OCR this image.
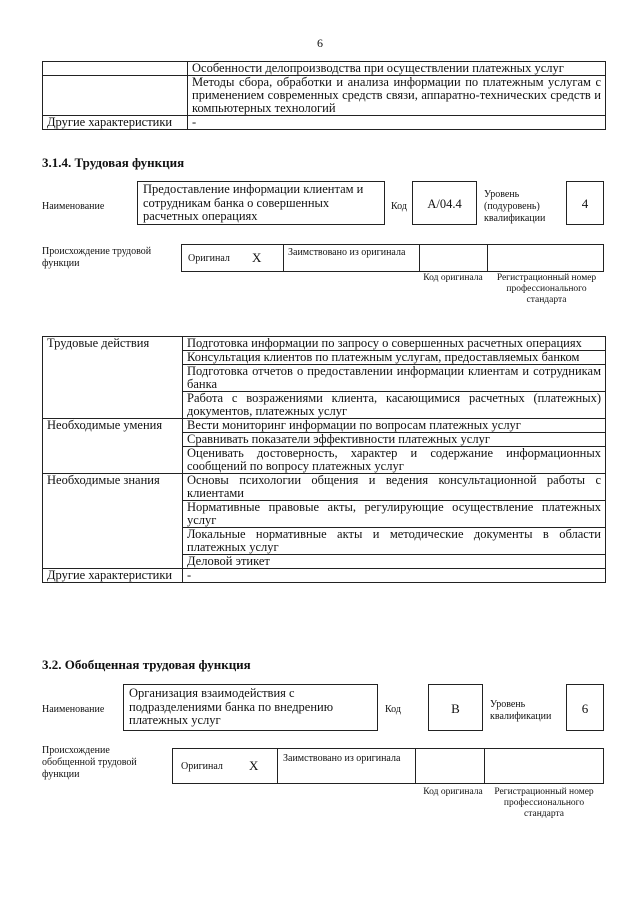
6
	Особенности делопроизводства при осуществлении платежных услуг
	Методы сбора, обработки и анализа информации по платежным услугам с применением современных средств связи, аппаратно-технических средств и компьютерных технологий
Другие характеристики	-
3.1.4. Трудовая функция
Наименование
Предоставление информации клиентам и сотрудникам банка о совершенных расчетных операциях
Код	А/04.4
Уровень (подуровень) квалификации
4
Происхождение трудовой функции	Оригинал X	Заимствовано из оригинала
Код оригинала	Регистрационный номер профессионального стандарта
Трудовые действия	Подготовка информации по запросу о совершенных расчетных операциях
	Консультация клиентов по платежным услугам, предоставляемых банком
	Подготовка отчетов о предоставлении информации клиентам и сотрудникам банка
	Работа с возражениями клиента, касающимися расчетных (платежных) документов, платежных услуг
Необходимые умения	Вести мониторинг информации по вопросам платежных услуг
	Сравнивать показатели эффективности платежных услуг
	Оценивать достоверность, характер и содержание информационных сообщений по вопросу платежных услуг
Необходимые знания	Основы психологии общения и ведения консультационной работы с клиентами
	Нормативные правовые акты, регулирующие осуществление платежных услуг
	Локальные нормативные акты и методические документы в области платежных услуг
	Деловой этикет
Другие характеристики	-
3.2. Обобщенная трудовая функция
Наименование
Организация взаимодействия с подразделениями банка по внедрению платежных услуг
Код	В	Уровень квалификации
6
Происхождение обобщенной трудовой функции
Оригинал X Заимствовано из оригинала
Код оригинала	Регистрационный номер профессионального стандарта
